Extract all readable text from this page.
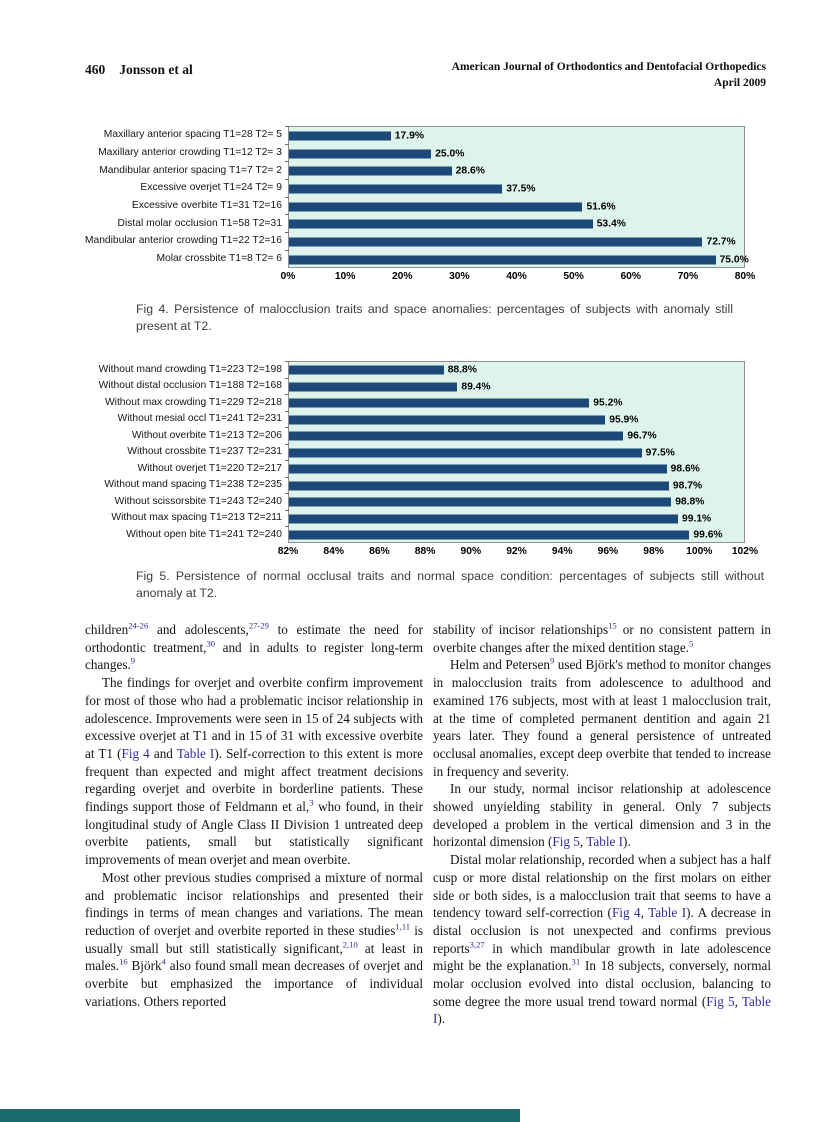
460 Jonsson et al	American Journal of Orthodontics and Dentofacial Orthopedics
April 2009
Maxillary anterior spacing T1=28 T2= 5
Maxillary anterior crowding T1=12 T2= 3
Mandibular anterior spacing T1=7 T2= 2
Excessive overjet T1=24 T2= 9
Excessive overbite T1=31 T2=16
Distal molar occlusion T1=58 T2=31
Mandibular anterior crowding T1=22 T2=16
Molar crossbite T1=8 T2= 6
17.9%
25.0%
28.6%
37.5%
51.6%
53.4%
72.7%
75.0%
0%	10%	20%	30%	40%	50%	60%	70%	80%
Fig 4. Persistence of malocclusion traits and space anomalies: percentages of subjects with anomaly still present at T2.
Without mand crowding T1=223 T2=198
Without distal occlusion T1=188 T2=168
Without max crowding T1=229 T2=218
Without mesial occl T1=241 T2=231
Without overbite T1=213 T2=206
Without crossbite T1=237 T2=231
Without overjet T1=220 T2=217
Without mand spacing T1=238 T2=235
Without scissorsbite T1=243 T2=240
Without max spacing T1=213 T2=211
Without open bite T1=241 T2=240
88.8%
89.4%
95.2%
95.9%
96.7%
97.5%
98.6%
98.7%
98.8%
99.1%
99.6%
82% 84% 86% 88% 90% 92% 94% 96% 98% 100% 102%
Fig 5. Persistence of normal occlusal traits and normal space condition: percentages of subjects still without anomaly at T2.

children$^{24-26}$ and adolescents,$^{27-29}$ to estimate the need for orthodontic treatment,$^{30}$ and in adults to register long-term changes.$^9$

The findings for overjet and overbite confirm improvement for most of those who had a problematic incisor relationship in adolescence. Improvements were seen in 15 of 24 subjects with excessive overjet at T1 and in 15 of 31 with excessive overbite at T1 (Fig 4 and Table I). Self-correction to this extent is more frequent than expected and might affect treatment decisions regarding overjet and overbite in borderline patients. These findings support those of Feldmann et al,$^3$ who found, in their longitudinal study of Angle Class II Division 1 untreated deep overbite patients, small but statistically significant improvements of mean overjet and mean overbite.

Most other previous studies comprised a mixture of normal and problematic incisor relationships and presented their findings in terms of mean changes and variations. The mean reduction of overjet and overbite reported in these studies$^{1,11}$ is usually small but still statistically significant,$^{2,10}$ at least in males.$^{16}$ Björk$^4$ also found small mean decreases of overjet and overbite but emphasized the importance of individual variations. Others reported

stability of incisor relationships$^{15}$ or no consistent pattern in overbite changes after the mixed dentition stage.$^5$

Helm and Petersen$^9$ used Björk's method to monitor changes in malocclusion traits from adolescence to adulthood and examined 176 subjects, most with at least 1 malocclusion trait, at the time of completed permanent dentition and again 21 years later. They found a general persistence of untreated occlusal anomalies, except deep overbite that tended to increase in frequency and severity.

In our study, normal incisor relationship at adolescence showed unyielding stability in general. Only 7 subjects developed a problem in the vertical dimension and 3 in the horizontal dimension (Fig 5, Table I).

Distal molar relationship, recorded when a subject has a half cusp or more distal relationship on the first molars on either side or both sides, is a malocclusion trait that seems to have a tendency toward self-correction (Fig 4, Table I). A decrease in distal occlusion is not unexpected and confirms previous reports$^{3,27}$ in which mandibular growth in late adolescence might be the explanation.$^{31}$ In 18 subjects, conversely, normal molar occlusion evolved into distal occlusion, balancing to some degree the more usual trend toward normal (Fig 5, Table I).
